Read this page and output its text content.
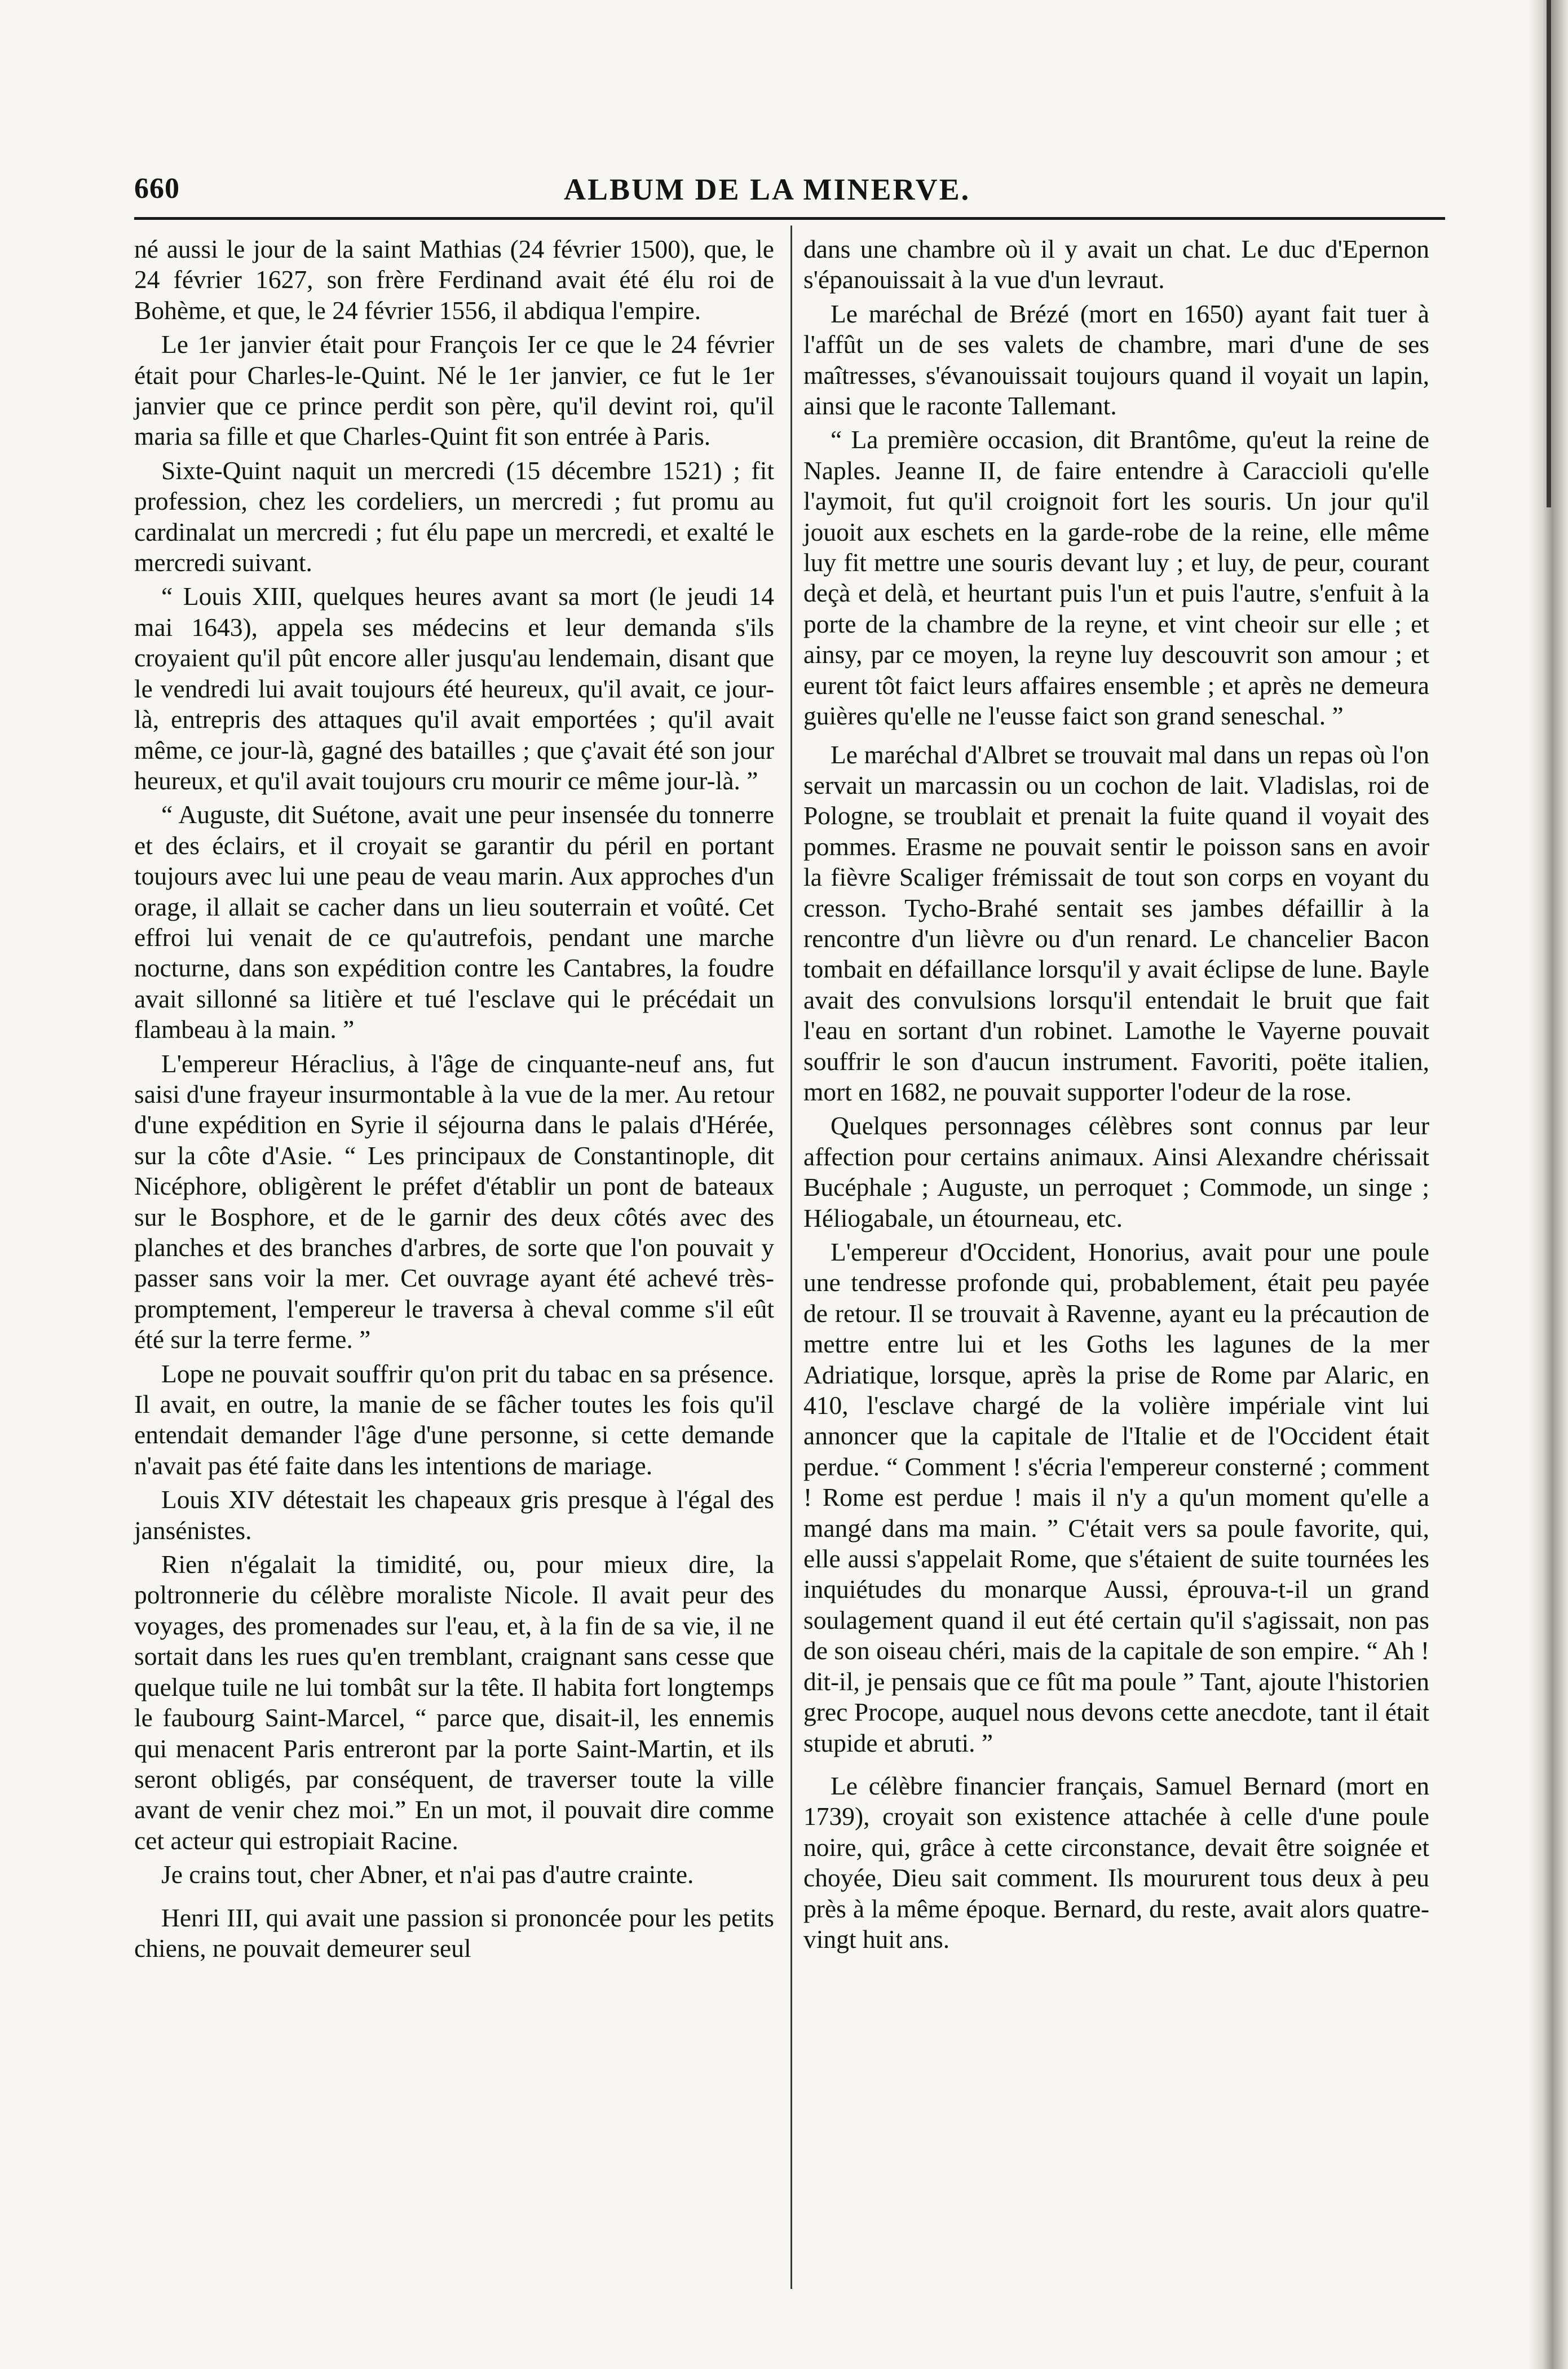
660	ALBUM DE LA MINERVE.

né aussi le jour de la saint Mathias (24 février 1500), que, le 24 février 1627, son frère Ferdinand avait été élu roi de Bohème, et que, le 24 février 1556, il abdiqua l'empire.

Le 1er janvier était pour François Ier ce que le 24 février était pour Charles-le-Quint. Né le 1er janvier, ce fut le 1er janvier que ce prince perdit son père, qu'il devint roi, qu'il maria sa fille et que Charles-Quint fit son entrée à Paris.

Sixte-Quint naquit un mercredi (15 décembre 1521) ; fit profession, chez les cordeliers, un mercredi ; fut promu au cardinalat un mercredi ; fut élu pape un mercredi, et exalté le mercredi suivant.

“ Louis XIII, quelques heures avant sa mort (le jeudi 14 mai 1643), appela ses médecins et leur demanda s'ils croyaient qu'il pût encore aller jusqu'au lendemain, disant que le vendredi lui avait toujours été heureux, qu'il avait, ce jour-là, entrepris des attaques qu'il avait emportées ; qu'il avait même, ce jour-là, gagné des batailles ; que ç'avait été son jour heureux, et qu'il avait toujours cru mourir ce même jour-là. ”

“ Auguste, dit Suétone, avait une peur insensée du tonnerre et des éclairs, et il croyait se garantir du péril en portant toujours avec lui une peau de veau marin. Aux approches d'un orage, il allait se cacher dans un lieu souterrain et voûté. Cet effroi lui venait de ce qu'autrefois, pendant une marche nocturne, dans son expédition contre les Cantabres, la foudre avait sillonné sa litière et tué l'esclave qui le précédait un flambeau à la main. ”

L'empereur Héraclius, à l'âge de cinquante-neuf ans, fut saisi d'une frayeur insurmontable à la vue de la mer. Au retour d'une expédition en Syrie il séjourna dans le palais d'Hérée, sur la côte d'Asie. “ Les principaux de Constantinople, dit Nicéphore, obligèrent le préfet d'établir un pont de bateaux sur le Bosphore, et de le garnir des deux côtés avec des planches et des branches d'arbres, de sorte que l'on pouvait y passer sans voir la mer. Cet ouvrage ayant été achevé très-promptement, l'empereur le traversa à cheval comme s'il eût été sur la terre ferme. ”

Lope ne pouvait souffrir qu'on prit du tabac en sa présence. Il avait, en outre, la manie de se fâcher toutes les fois qu'il entendait demander l'âge d'une personne, si cette demande n'avait pas été faite dans les intentions de mariage.

Louis XIV détestait les chapeaux gris presque à l'égal des jansénistes.

Rien n'égalait la timidité, ou, pour mieux dire, la poltronnerie du célèbre moraliste Nicole. Il avait peur des voyages, des promenades sur l'eau, et, à la fin de sa vie, il ne sortait dans les rues qu'en tremblant, craignant sans cesse que quelque tuile ne lui tombât sur la tête. Il habita fort longtemps le faubourg Saint-Marcel, “ parce que, disait-il, les ennemis qui menacent Paris entreront par la porte Saint-Martin, et ils seront obligés, par conséquent, de traverser toute la ville avant de venir chez moi.” En un mot, il pouvait dire comme cet acteur qui estropiait Racine.

Je crains tout, cher Abner, et n'ai pas d'autre crainte.

Henri III, qui avait une passion si prononcée pour les petits chiens, ne pouvait demeurer seul

dans une chambre où il y avait un chat. Le duc d'Epernon s'épanouissait à la vue d'un levraut.

Le maréchal de Brézé (mort en 1650) ayant fait tuer à l'affût un de ses valets de chambre, mari d'une de ses maîtresses, s'évanouissait toujours quand il voyait un lapin, ainsi que le raconte Tallemant.

“ La première occasion, dit Brantôme, qu'eut la reine de Naples. Jeanne II, de faire entendre à Caraccioli qu'elle l'aymoit, fut qu'il croignoit fort les souris. Un jour qu'il jouoit aux eschets en la garde-robe de la reine, elle même luy fit mettre une souris devant luy ; et luy, de peur, courant deçà et delà, et heurtant puis l'un et puis l'autre, s'enfuit à la porte de la chambre de la reyne, et vint cheoir sur elle ; et ainsy, par ce moyen, la reyne luy descouvrit son amour ; et eurent tôt faict leurs affaires ensemble ; et après ne demeura guières qu'elle ne l'eusse faict son grand seneschal. ”

Le maréchal d'Albret se trouvait mal dans un repas où l'on servait un marcassin ou un cochon de lait. Vladislas, roi de Pologne, se troublait et prenait la fuite quand il voyait des pommes. Erasme ne pouvait sentir le poisson sans en avoir la fièvre Scaliger frémissait de tout son corps en voyant du cresson. Tycho-Brahé sentait ses jambes défaillir à la rencontre d'un lièvre ou d'un renard. Le chancelier Bacon tombait en défaillance lorsqu'il y avait éclipse de lune. Bayle avait des convulsions lorsqu'il entendait le bruit que fait l'eau en sortant d'un robinet. Lamothe le Vayerne pouvait souffrir le son d'aucun instrument. Favoriti, poëte italien, mort en 1682, ne pouvait supporter l'odeur de la rose.

Quelques personnages célèbres sont connus par leur affection pour certains animaux. Ainsi Alexandre chérissait Bucéphale ; Auguste, un perroquet ; Commode, un singe ; Héliogabale, un étourneau, etc.

L'empereur d'Occident, Honorius, avait pour une poule une tendresse profonde qui, probablement, était peu payée de retour. Il se trouvait à Ravenne, ayant eu la précaution de mettre entre lui et les Goths les lagunes de la mer Adriatique, lorsque, après la prise de Rome par Alaric, en 410, l'esclave chargé de la volière impériale vint lui annoncer que la capitale de l'Italie et de l'Occident était perdue. “ Comment ! s'écria l'empereur consterné ; comment ! Rome est perdue ! mais il n'y a qu'un moment qu'elle a mangé dans ma main. ” C'était vers sa poule favorite, qui, elle aussi s'appelait Rome, que s'étaient de suite tournées les inquiétudes du monarque Aussi, éprouva-t-il un grand soulagement quand il eut été certain qu'il s'agissait, non pas de son oiseau chéri, mais de la capitale de son empire. “ Ah ! dit-il, je pensais que ce fût ma poule ” Tant, ajoute l'historien grec Procope, auquel nous devons cette anecdote, tant il était stupide et abruti. ”

Le célèbre financier français, Samuel Bernard (mort en 1739), croyait son existence attachée à celle d'une poule noire, qui, grâce à cette circonstance, devait être soignée et choyée, Dieu sait comment. Ils moururent tous deux à peu près à la même époque. Bernard, du reste, avait alors quatre-vingt huit ans.
